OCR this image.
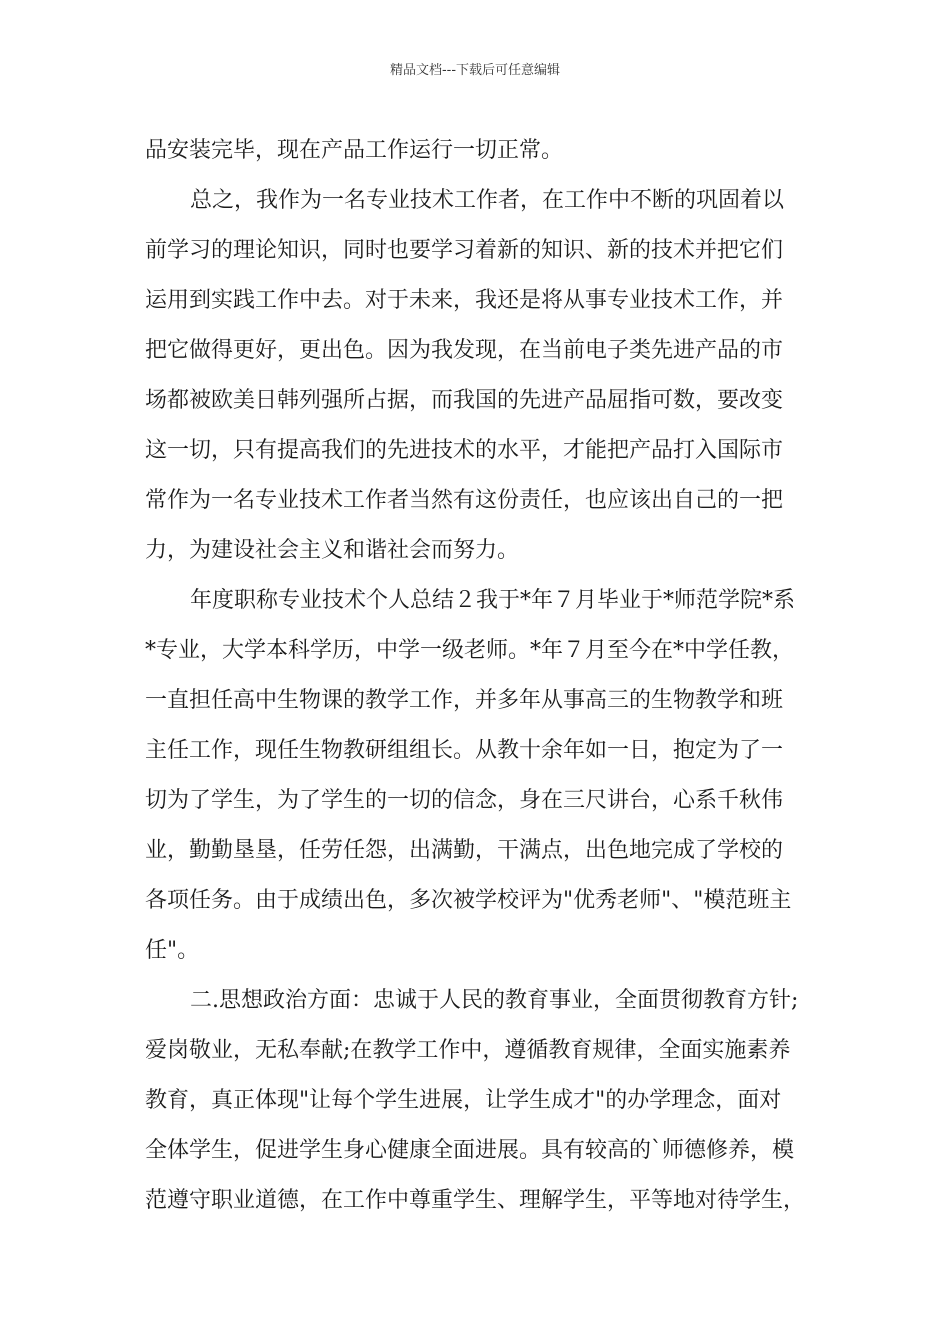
精品文档---下载后可任意编辑
品安装完毕，现在产品工作运行一切正常。
总之，我作为一名专业技术工作者，在工作中不断的巩固着以
前学习的理论知识，同时也要学习着新的知识、新的技术并把它们
运用到实践工作中去。对于未来，我还是将从事专业技术工作，并
把它做得更好，更出色。因为我发现，在当前电子类先进产品的市
场都被欧美日韩列强所占据，而我国的先进产品屈指可数，要改变
这一切，只有提高我们的先进技术的水平，才能把产品打入国际市
常作为一名专业技术工作者当然有这份责任，也应该出自己的一把
力，为建设社会主义和谐社会而努力。
年度职称专业技术个人总结２我于*年７月毕业于*师范学院*系
*专业，大学本科学历，中学一级老师。*年７月至今在*中学任教，
一直担任高中生物课的教学工作，并多年从事高三的生物教学和班
主任工作，现任生物教研组组长。从教十余年如一日，抱定为了一
切为了学生，为了学生的一切的信念，身在三尺讲台，心系千秋伟
业，勤勤垦垦，任劳任怨，出满勤，干满点，出色地完成了学校的
各项任务。由于成绩出色，多次被学校评为"优秀老师"、"模范班主
任"。
二.思想政治方面：忠诚于人民的教育事业，全面贯彻教育方针;
爱岗敬业，无私奉献;在教学工作中，遵循教育规律，全面实施素养
教育，真正体现"让每个学生进展，让学生成才"的办学理念，面对
全体学生，促进学生身心健康全面进展。具有较高的`师德修养，模
范遵守职业道德，在工作中尊重学生、理解学生，平等地对待学生，
